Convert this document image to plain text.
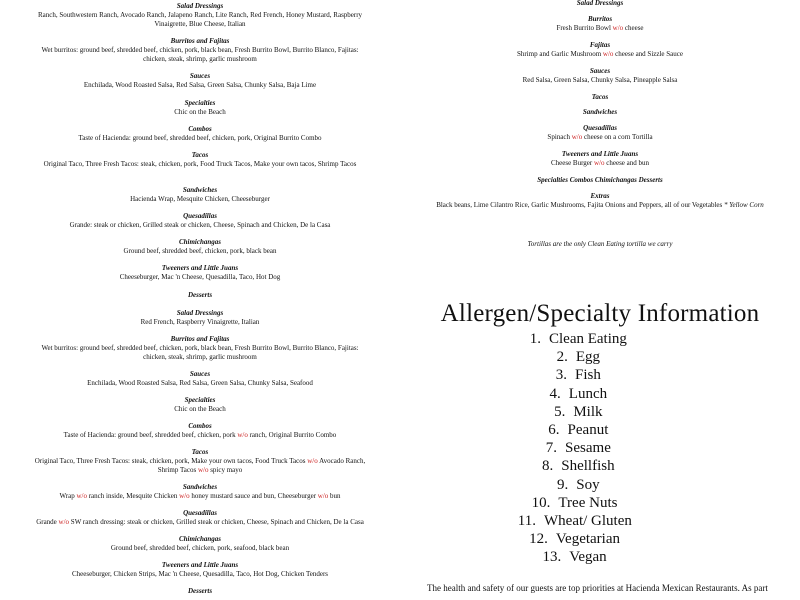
Salad Dressings
Ranch, Southwestern Ranch, Avocado Ranch, Jalapeno Ranch, Lite Ranch, Red French, Honey Mustard, Raspberry Vinaigrette, Blue Cheese, Italian
Burritos and Fajitas
Wet burritos: ground beef, shredded beef, chicken, pork, black bean, Fresh Burrito Bowl, Burrito Blanco, Fajitas: chicken, steak, shrimp, garlic mushroom
Sauces
Enchilada, Wood Roasted Salsa, Red Salsa, Green Salsa, Chunky Salsa, Baja Lime
Specialties
Chic on the Beach
Combos
Taste of Hacienda: ground beef, shredded beef, chicken, pork, Original Burrito Combo
Tacos
Original Taco, Three Fresh Tacos: steak, chicken, pork, Food Truck Tacos, Make your own tacos, Shrimp Tacos
Sandwiches
Hacienda Wrap, Mesquite Chicken, Cheeseburger
Quesadillas
Grande: steak or chicken, Grilled steak or chicken, Cheese, Spinach and Chicken, De la Casa
Chimichangas
Ground beef, shredded beef, chicken, pork, black bean
Tweeners and Little Juans
Cheeseburger, Mac 'n Cheese, Quesadilla, Taco, Hot Dog
Desserts
Salad Dressings
Red French, Raspberry Vinaigrette, Italian
Burritos and Fajitas
Wet burritos: ground beef, shredded beef, chicken, pork, black bean, Fresh Burrito Bowl, Burrito Blanco, Fajitas: chicken, steak, shrimp, garlic mushroom
Sauces
Enchilada, Wood Roasted Salsa, Red Salsa, Green Salsa, Chunky Salsa, Seafood
Specialties
Chic on the Beach
Combos
Taste of Hacienda: ground beef, shredded beef, chicken, pork w/o ranch, Original Burrito Combo
Tacos
Original Taco, Three Fresh Tacos: steak, chicken, pork, Make your own tacos, Food Truck Tacos w/o Avocado Ranch, Shrimp Tacos w/o spicy mayo
Sandwiches
Wrap w/o ranch inside, Mesquite Chicken w/o honey mustard sauce and bun, Cheeseburger w/o bun
Quesadillas
Grande w/o SW ranch dressing: steak or chicken, Grilled steak or chicken, Cheese, Spinach and Chicken, De la Casa
Chimichangas
Ground beef, shredded beef, chicken, pork, seafood, black bean
Tweeners and Little Juans
Cheeseburger, Chicken Strips, Mac 'n Cheese, Quesadilla, Taco, Hot Dog, Chicken Tenders
Desserts
Tortillas are the only Clean Eating tortilla we carry
Allergen/Specialty Information
1. Clean Eating
2. Egg
3. Fish
4. Lunch
5. Milk
6. Peanut
7. Sesame
8. Shellfish
9. Soy
10. Tree Nuts
11. Wheat/ Gluten
12. Vegetarian
13. Vegan
The health and safety of our guests are top priorities at Hacienda Mexican Restaurants. As part
Salad Dressings
Burritos
Fresh Burrito Bowl w/o cheese
Fajitas
Shrimp and Garlic Mushroom w/o cheese and Sizzle Sauce
Sauces
Red Salsa, Green Salsa, Chunky Salsa, Pineapple Salsa
Tacos
Sandwiches
Quesadillas
Spinach w/o cheese on a corn Tortilla
Tweeners and Little Juans
Cheese Burger w/o cheese and bun
Specialties Combos Chimichangas Desserts
Extras
Black beans, Lime Cilantro Rice, Garlic Mushrooms, Fajita Onions and Peppers, all of our Vegetables * Yellow Corn
